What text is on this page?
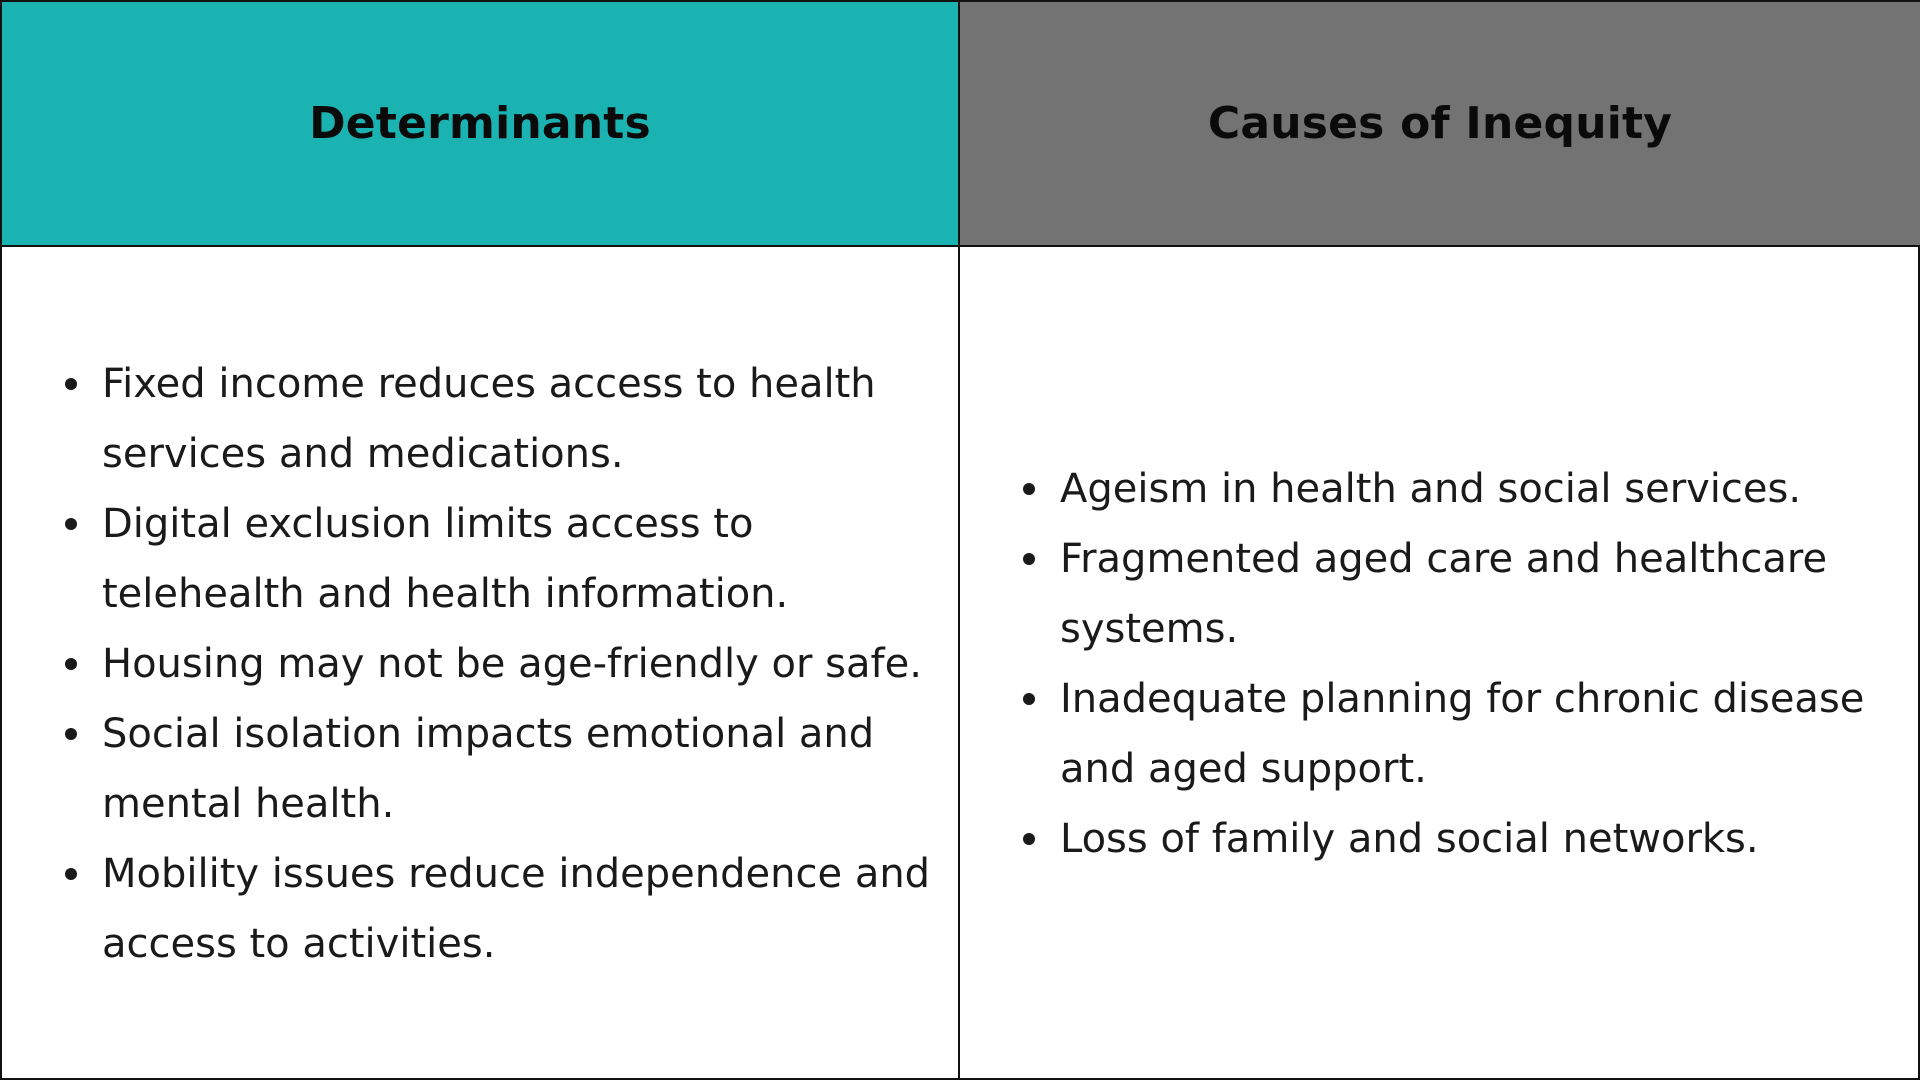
Determinants	Causes of Inequity
Fixed income reduces access to health services and medications.
Digital exclusion limits access to telehealth and health information.
Housing may not be age-friendly or safe.
Social isolation impacts emotional and mental health.
Mobility issues reduce independence and access to activities.
Ageism in health and social services.
Fragmented aged care and healthcare systems.
Inadequate planning for chronic disease and aged support.
Loss of family and social networks.
